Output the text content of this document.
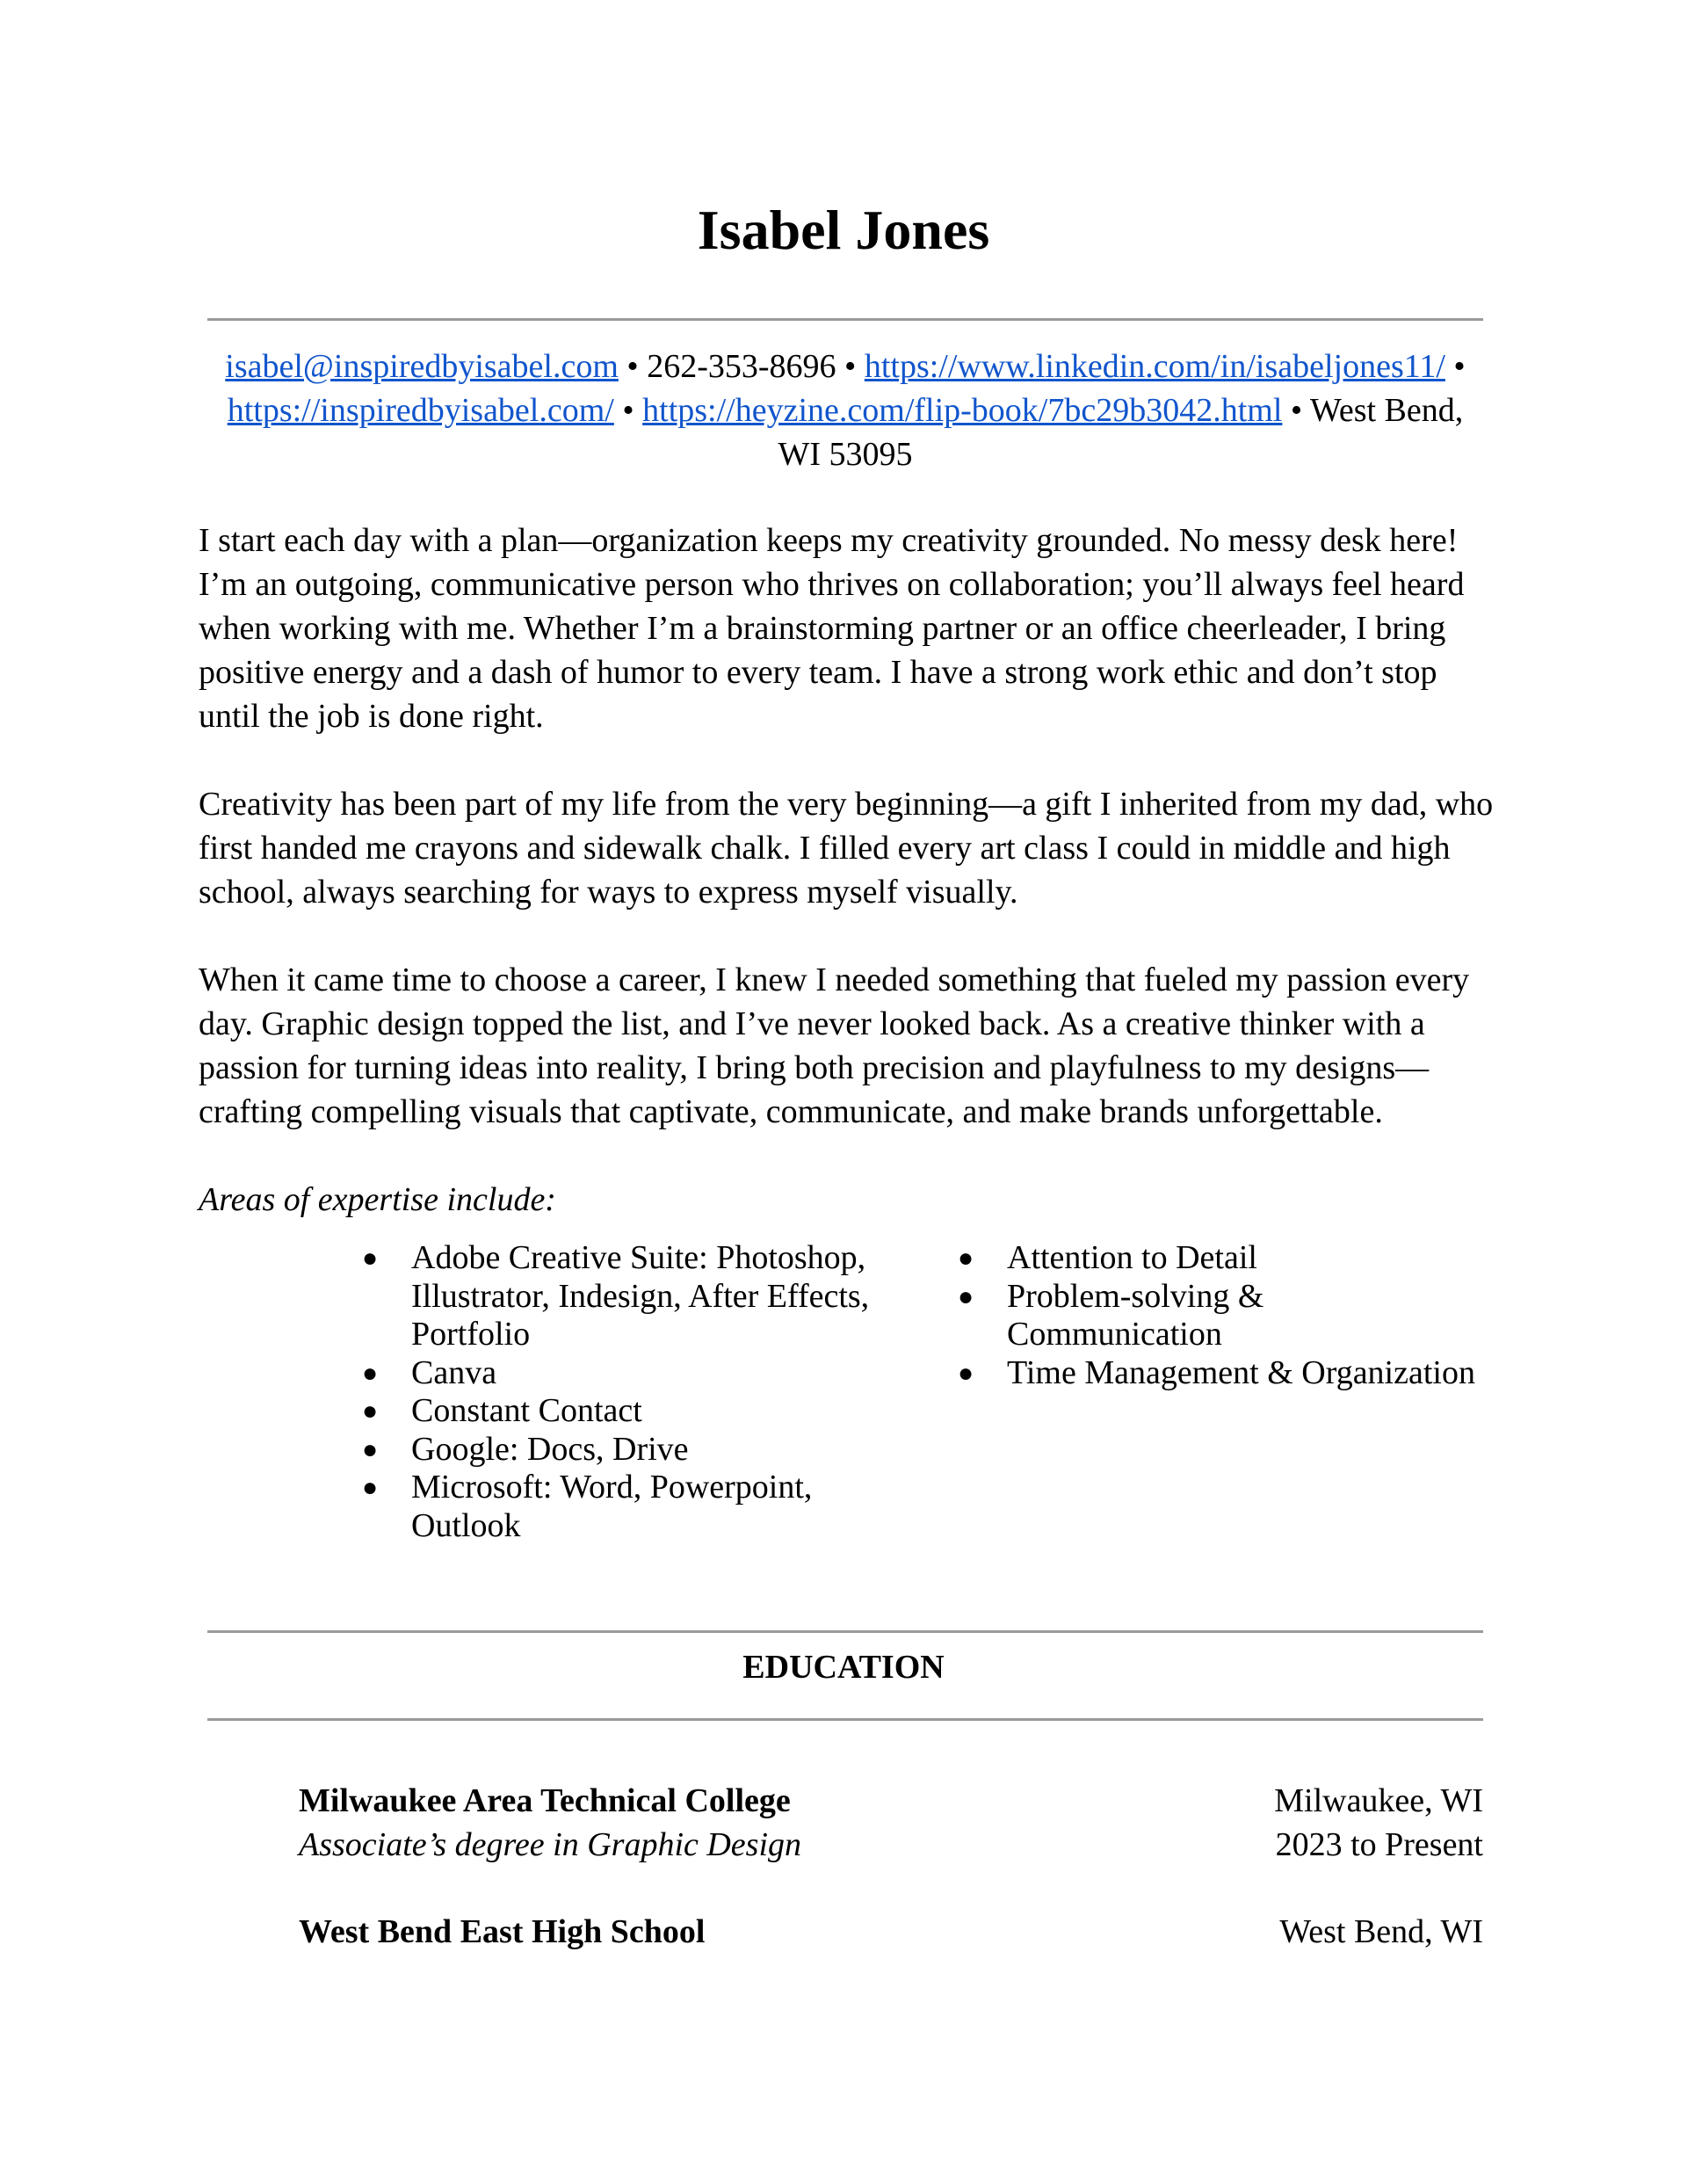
Isabel Jones
isabel@inspiredbyisabel.com • 262-353-8696 • https://www.linkedin.com/in/isabeljones11/ • https://inspiredbyisabel.com/ • https://heyzine.com/flip-book/7bc29b3042.html • West Bend, WI 53095

I start each day with a plan—organization keeps my creativity grounded. No messy desk here! I’m an outgoing, communicative person who thrives on collaboration; you’ll always feel heard when working with me. Whether I’m a brainstorming partner or an office cheerleader, I bring positive energy and a dash of humor to every team. I have a strong work ethic and don’t stop until the job is done right.

Creativity has been part of my life from the very beginning—a gift I inherited from my dad, who first handed me crayons and sidewalk chalk. I filled every art class I could in middle and high school, always searching for ways to express myself visually.

When it came time to choose a career, I knew I needed something that fueled my passion every day. Graphic design topped the list, and I’ve never looked back. As a creative thinker with a passion for turning ideas into reality, I bring both precision and playfulness to my designs—crafting compelling visuals that captivate, communicate, and make brands unforgettable.

Areas of expertise include:
● Adobe Creative Suite: Photoshop, Illustrator, Indesign, After Effects, Portfolio
● Canva
● Constant Contact
● Google: Docs, Drive
● Microsoft: Word, Powerpoint, Outlook
● Attention to Detail
● Problem-solving & Communication
● Time Management & Organization
EDUCATION
Milwaukee Area Technical College
Associate’s degree in Graphic Design
Milwaukee, WI
2023 to Present
West Bend East High School	West Bend, WI
